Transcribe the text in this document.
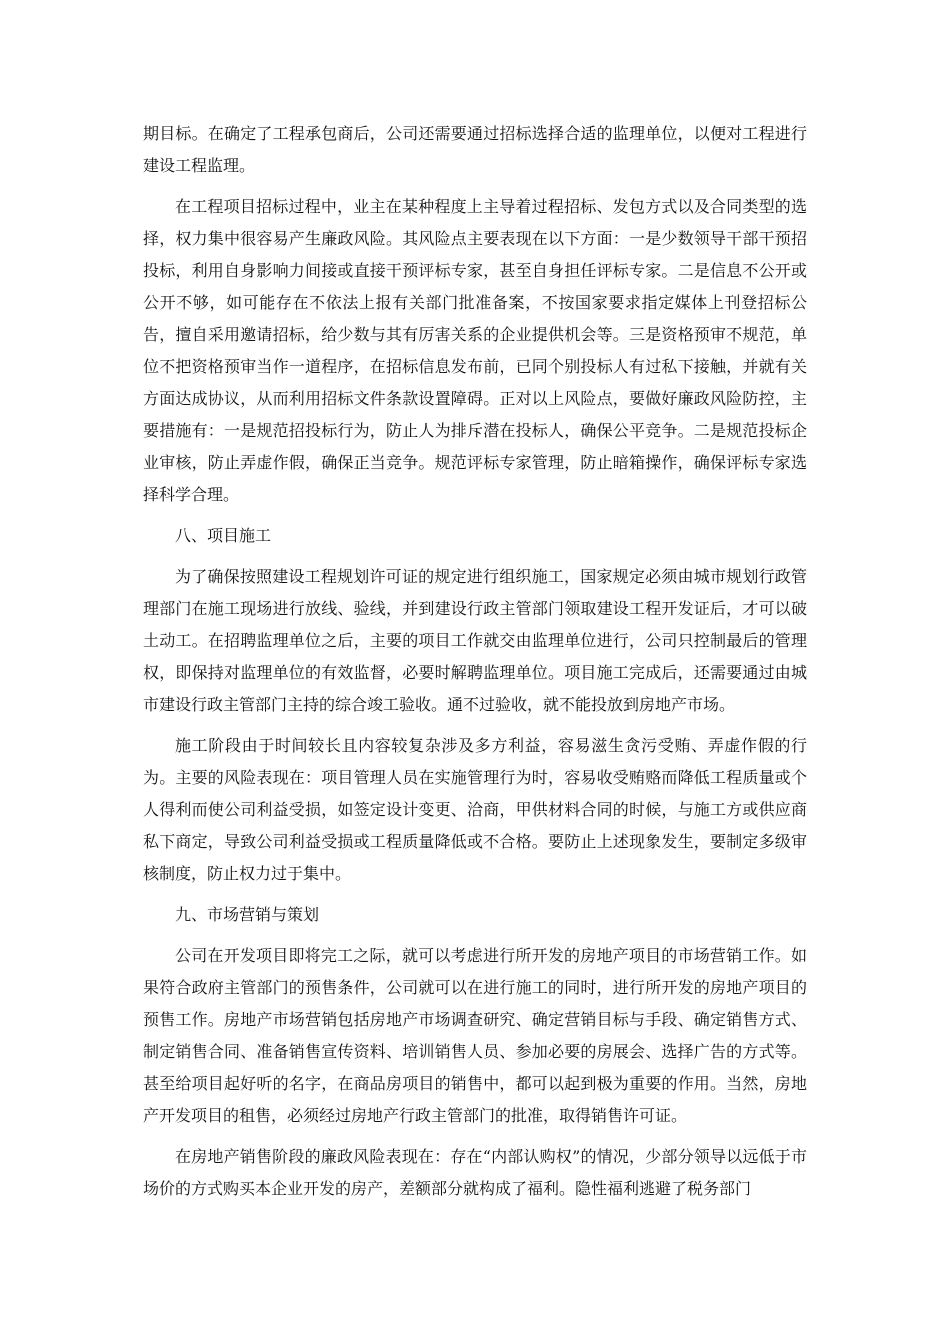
期目标。在确定了工程承包商后，公司还需要通过招标选择合适的监理单位，以便对工程进行建设工程监理。

在工程项目招标过程中，业主在某种程度上主导着过程招标、发包方式以及合同类型的选择，权力集中很容易产生廉政风险。其风险点主要表现在以下方面：一是少数领导干部干预招投标，利用自身影响力间接或直接干预评标专家，甚至自身担任评标专家。二是信息不公开或公开不够，如可能存在不依法上报有关部门批准备案，不按国家要求指定媒体上刊登招标公告，擅自采用邀请招标，给少数与其有厉害关系的企业提供机会等。三是资格预审不规范，单位不把资格预审当作一道程序，在招标信息发布前，已同个别投标人有过私下接触，并就有关方面达成协议，从而利用招标文件条款设置障碍。正对以上风险点，要做好廉政风险防控，主要措施有：一是规范招投标行为，防止人为排斥潜在投标人，确保公平竞争。二是规范投标企业审核，防止弄虚作假，确保正当竞争。规范评标专家管理，防止暗箱操作，确保评标专家选择科学合理。

八、项目施工

为了确保按照建设工程规划许可证的规定进行组织施工，国家规定必须由城市规划行政管理部门在施工现场进行放线、验线，并到建设行政主管部门领取建设工程开发证后，才可以破土动工。在招聘监理单位之后，主要的项目工作就交由监理单位进行，公司只控制最后的管理权，即保持对监理单位的有效监督，必要时解聘监理单位。项目施工完成后，还需要通过由城市建设行政主管部门主持的综合竣工验收。通不过验收，就不能投放到房地产市场。

施工阶段由于时间较长且内容较复杂涉及多方利益，容易滋生贪污受贿、弄虚作假的行为。主要的风险表现在：项目管理人员在实施管理行为时，容易收受贿赂而降低工程质量或个人得利而使公司利益受损，如签定设计变更、洽商，甲供材料合同的时候，与施工方或供应商私下商定，导致公司利益受损或工程质量降低或不合格。要防止上述现象发生，要制定多级审核制度，防止权力过于集中。

九、市场营销与策划

公司在开发项目即将完工之际，就可以考虑进行所开发的房地产项目的市场营销工作。如果符合政府主管部门的预售条件，公司就可以在进行施工的同时，进行所开发的房地产项目的预售工作。房地产市场营销包括房地产市场调查研究、确定营销目标与手段、确定销售方式、制定销售合同、准备销售宣传资料、培训销售人员、参加必要的房展会、选择广告的方式等。甚至给项目起好听的名字，在商品房项目的销售中，都可以起到极为重要的作用。当然，房地产开发项目的租售，必须经过房地产行政主管部门的批准，取得销售许可证。

在房地产销售阶段的廉政风险表现在：存在“内部认购权”的情况，少部分领导以远低于市场价的方式购买本企业开发的房产，差额部分就构成了福利。隐性福利逃避了税务部门
